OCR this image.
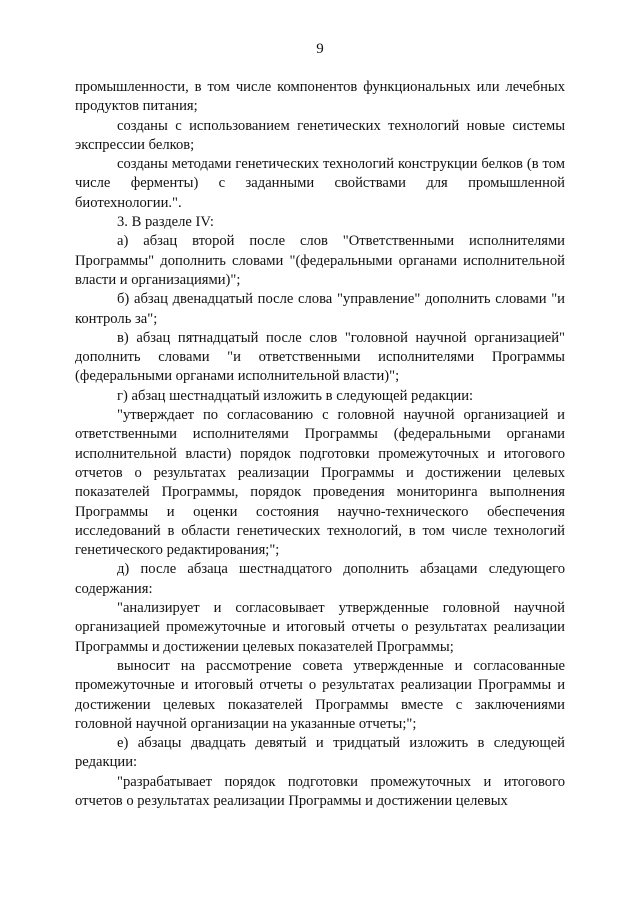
9

промышленности, в том числе компонентов функциональных или лечебных продуктов питания;

созданы с использованием генетических технологий новые системы экспрессии белков;

созданы методами генетических технологий конструкции белков (в том числе ферменты) с заданными свойствами для промышленной биотехнологии.".

3. В разделе IV:

а) абзац второй после слов "Ответственными исполнителями Программы" дополнить словами "(федеральными органами исполнительной власти и организациями)";

б) абзац двенадцатый после слова "управление" дополнить словами "и контроль за";

в) абзац пятнадцатый после слов "головной научной организацией" дополнить словами "и ответственными исполнителями Программы (федеральными органами исполнительной власти)";

г) абзац шестнадцатый изложить в следующей редакции:

"утверждает по согласованию с головной научной организацией и ответственными исполнителями Программы (федеральными органами исполнительной власти) порядок подготовки промежуточных и итогового отчетов о результатах реализации Программы и достижении целевых показателей Программы, порядок проведения мониторинга выполнения Программы и оценки состояния научно-технического обеспечения исследований в области генетических технологий, в том числе технологий генетического редактирования;";

д) после абзаца шестнадцатого дополнить абзацами следующего содержания:

"анализирует и согласовывает утвержденные головной научной организацией промежуточные и итоговый отчеты о результатах реализации Программы и достижении целевых показателей Программы;

выносит на рассмотрение совета утвержденные и согласованные промежуточные и итоговый отчеты о результатах реализации Программы и достижении целевых показателей Программы вместе с заключениями головной научной организации на указанные отчеты;";

е) абзацы двадцать девятый и тридцатый изложить в следующей редакции:

"разрабатывает порядок подготовки промежуточных и итогового отчетов о результатах реализации Программы и достижении целевых
